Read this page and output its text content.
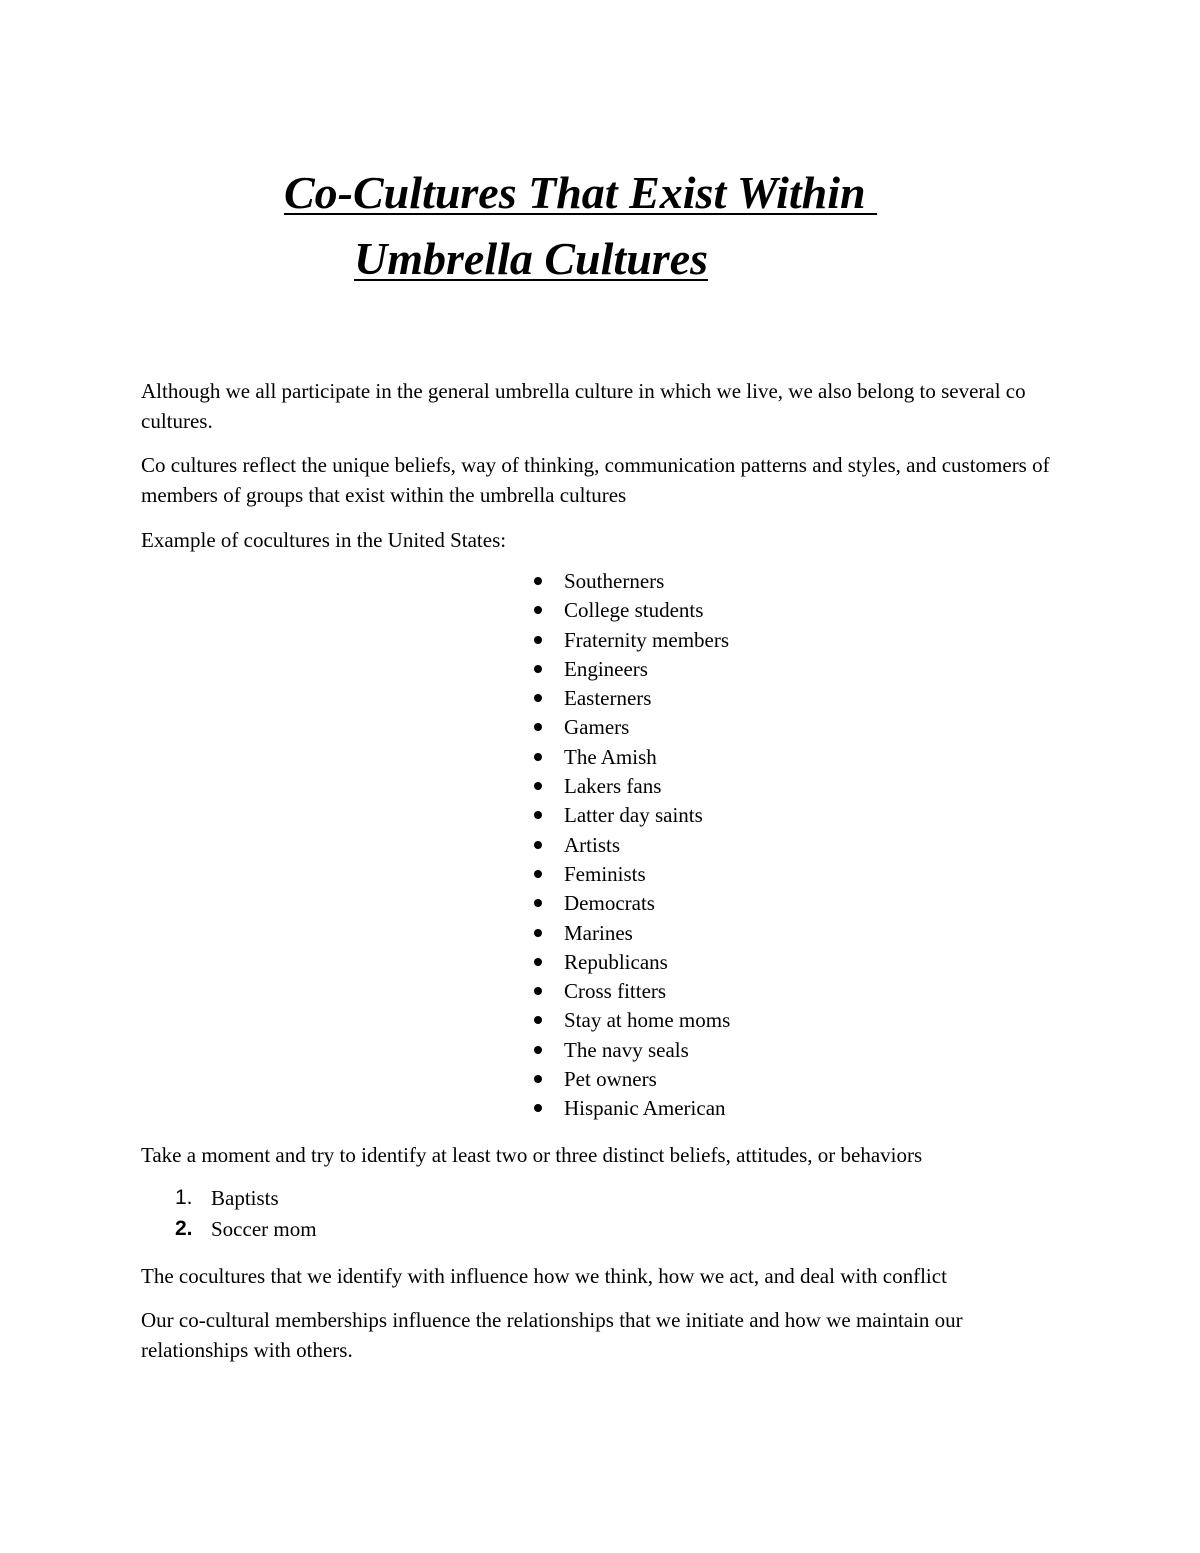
Co-Cultures That Exist Within
Umbrella Cultures

Although we all participate in the general umbrella culture in which we live, we also belong to several co cultures.

Co cultures reflect the unique beliefs, way of thinking, communication patterns and styles, and customers of members of groups that exist within the umbrella cultures

Example of cocultures in the United States:

Southerners
College students
Fraternity members
Engineers
Easterners
Gamers
The Amish
Lakers fans
Latter day saints
Artists
Feminists
Democrats
Marines
Republicans
Cross fitters
Stay at home moms
The navy seals
Pet owners
Hispanic American

Take a moment and try to identify at least two or three distinct beliefs, attitudes, or behaviors

1. Baptists
2. Soccer mom

The cocultures that we identify with influence how we think, how we act, and deal with conflict

Our co-cultural memberships influence the relationships that we initiate and how we maintain our relationships with others.
